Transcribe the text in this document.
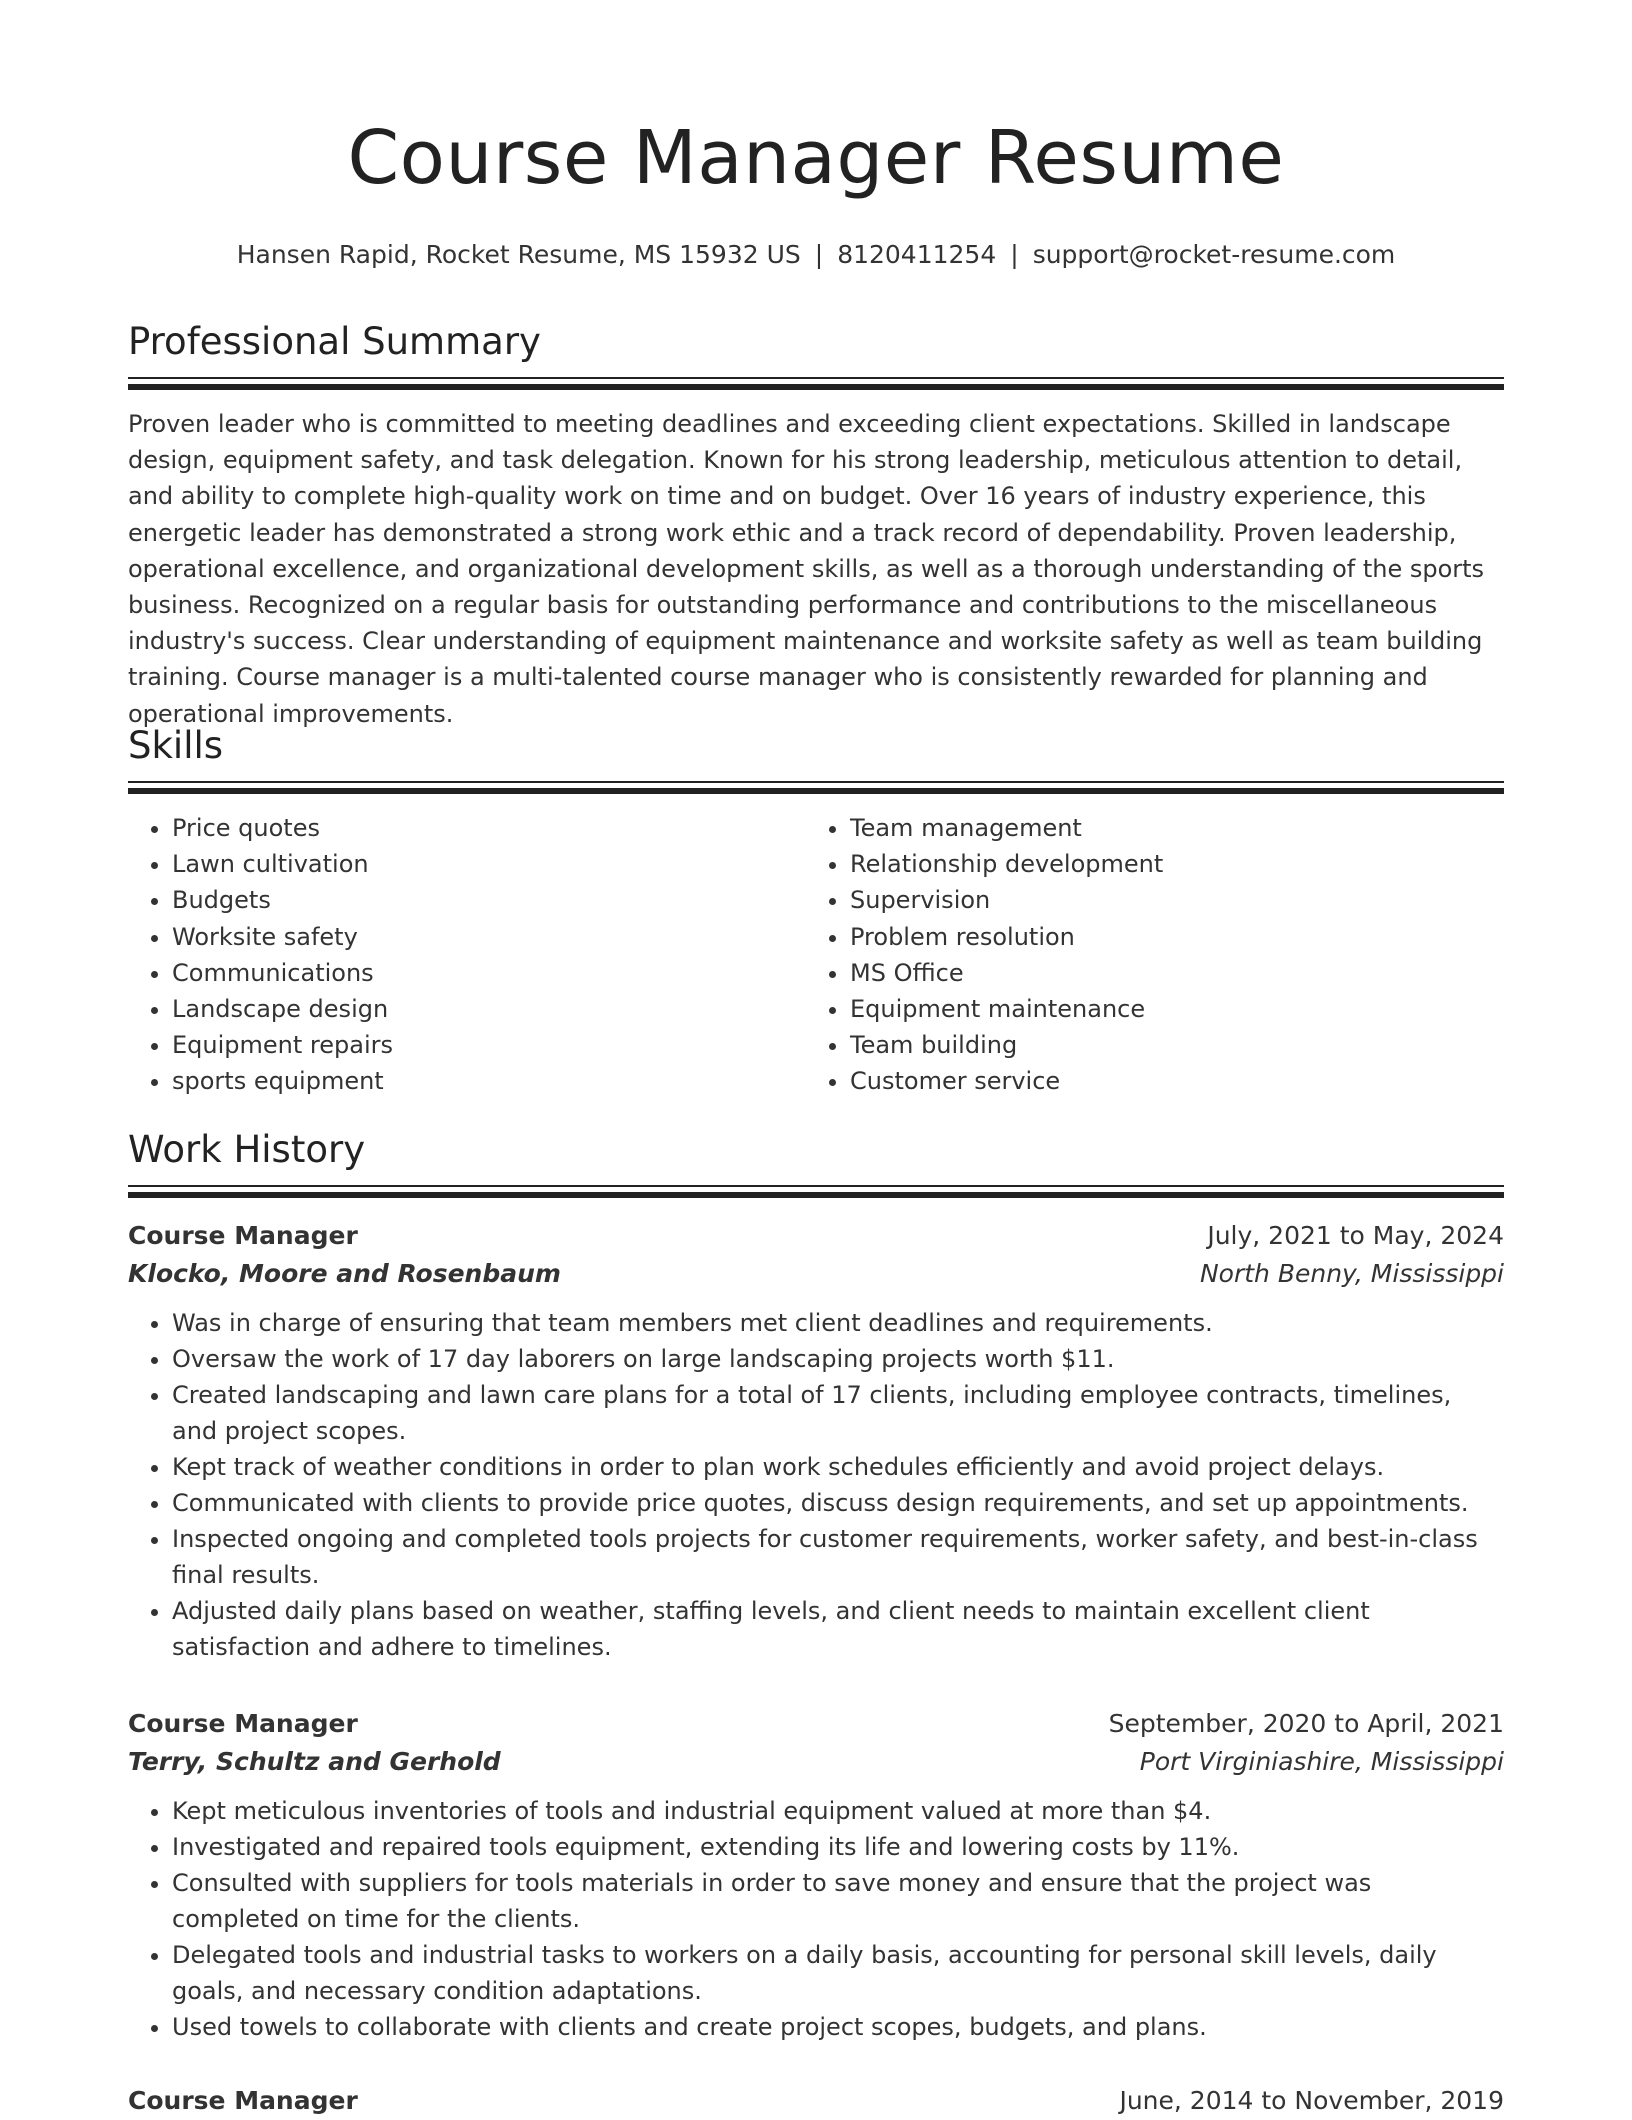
Course Manager Resume
Hansen Rapid, Rocket Resume, MS 15932 US | 8120411254 | support@rocket-resume.com
Professional Summary

Proven leader who is committed to meeting deadlines and exceeding client expectations. Skilled in landscape design, equipment safety, and task delegation. Known for his strong leadership, meticulous attention to detail, and ability to complete high-quality work on time and on budget. Over 16 years of industry experience, this energetic leader has demonstrated a strong work ethic and a track record of dependability. Proven leadership, operational excellence, and organizational development skills, as well as a thorough understanding of the sports business. Recognized on a regular basis for outstanding performance and contributions to the miscellaneous industry's success. Clear understanding of equipment maintenance and worksite safety as well as team building training. Course manager is a multi-talented course manager who is consistently rewarded for planning and operational improvements.

Skills
• Price quotes
• Lawn cultivation
• Budgets
• Worksite safety
• Communications
• Landscape design
• Equipment repairs
• sports equipment
• Team management
• Relationship development
• Supervision
• Problem resolution
• MS Office
• Equipment maintenance
• Team building
• Customer service
Work History
Course Manager	July, 2021 to May, 2024
Klocko, Moore and Rosenbaum	North Benny, Mississippi
• Was in charge of ensuring that team members met client deadlines and requirements.
• Oversaw the work of 17 day laborers on large landscaping projects worth $11.
• Created landscaping and lawn care plans for a total of 17 clients, including employee contracts, timelines, and project scopes.
• Kept track of weather conditions in order to plan work schedules efficiently and avoid project delays.
• Communicated with clients to provide price quotes, discuss design requirements, and set up appointments.
• Inspected ongoing and completed tools projects for customer requirements, worker safety, and best-in-class final results.
• Adjusted daily plans based on weather, staffing levels, and client needs to maintain excellent client satisfaction and adhere to timelines.
Course Manager	September, 2020 to April, 2021
Terry, Schultz and Gerhold	Port Virginiashire, Mississippi
• Kept meticulous inventories of tools and industrial equipment valued at more than $4.
• Investigated and repaired tools equipment, extending its life and lowering costs by 11%.
• Consulted with suppliers for tools materials in order to save money and ensure that the project was completed on time for the clients.
• Delegated tools and industrial tasks to workers on a daily basis, accounting for personal skill levels, daily goals, and necessary condition adaptations.
• Used towels to collaborate with clients and create project scopes, budgets, and plans.
Course Manager	June, 2014 to November, 2019
